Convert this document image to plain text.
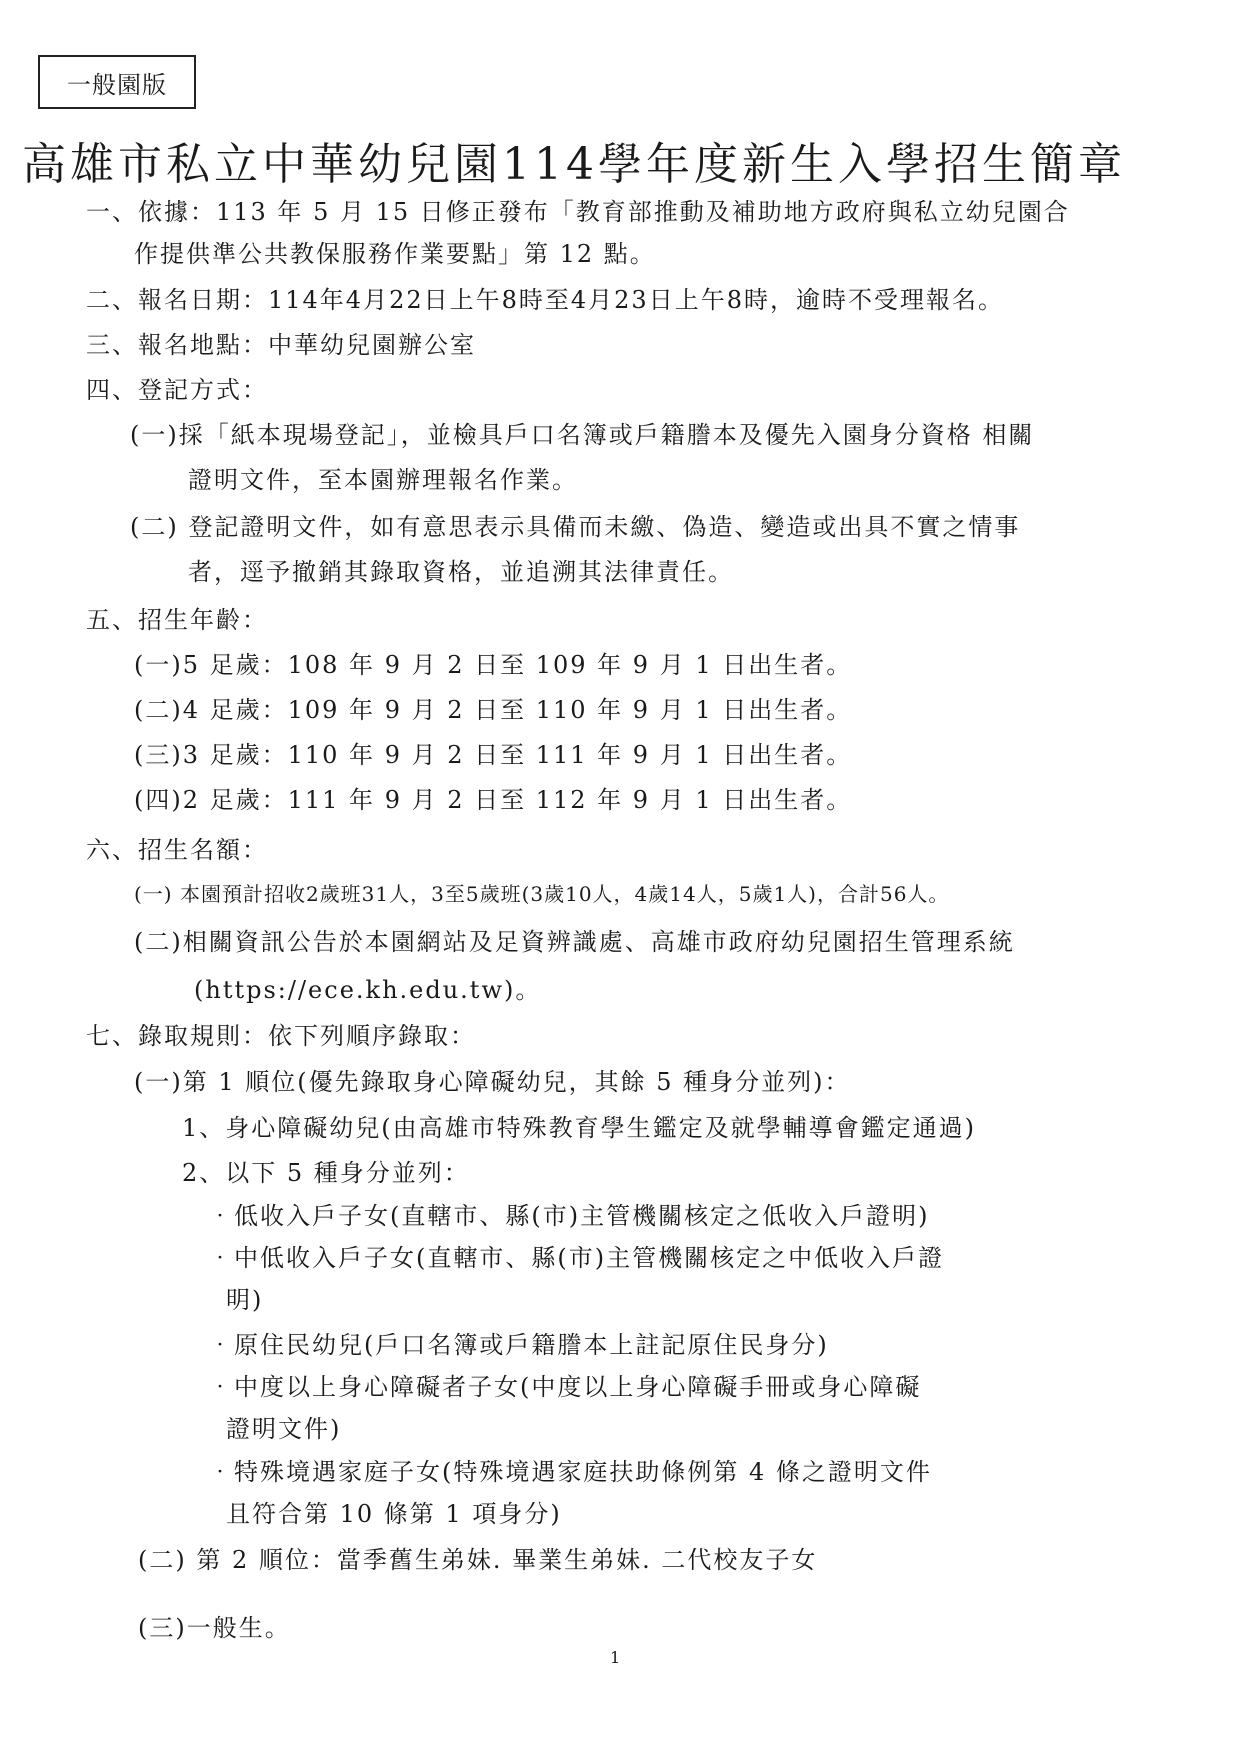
一般園版
高雄市私立中華幼兒園114學年度新生入學招生簡章
一、依據：113 年 5 月 15 日修正發布「教育部推動及補助地方政府與私立幼兒園合
作提供準公共教保服務作業要點」第 12 點。
二、報名日期：114年4月22日上午8時至4月23日上午8時，逾時不受理報名。
三、報名地點：中華幼兒園辦公室
四、登記方式：
(一)採「紙本現場登記」，並檢具戶口名簿或戶籍謄本及優先入園身分資格 相關
證明文件，至本園辦理報名作業。
(二) 登記證明文件，如有意思表示具備而未繳、偽造、變造或出具不實之情事
者，逕予撤銷其錄取資格，並追溯其法律責任。
五、招生年齡：
(一)5 足歲：108 年 9 月 2 日至 109 年 9 月 1 日出生者。
(二)4 足歲：109 年 9 月 2 日至 110 年 9 月 1 日出生者。
(三)3 足歲：110 年 9 月 2 日至 111 年 9 月 1 日出生者。
(四)2 足歲：111 年 9 月 2 日至 112 年 9 月 1 日出生者。
六、招生名額：
(一) 本園預計招收2歲班31人，3至5歲班(3歲10人，4歲14人，5歲1人)，合計56人。
(二)相關資訊公告於本園網站及足資辨識處、高雄市政府幼兒園招生管理系統
(https://ece.kh.edu.tw)。
七、錄取規則：依下列順序錄取：
(一)第 1 順位(優先錄取身心障礙幼兒，其餘 5 種身分並列)：
1、身心障礙幼兒(由高雄市特殊教育學生鑑定及就學輔導會鑑定通過)
2、以下 5 種身分並列：
‧低收入戶子女(直轄市、縣(市)主管機關核定之低收入戶證明)
‧中低收入戶子女(直轄市、縣(市)主管機關核定之中低收入戶證
明)
‧原住民幼兒(戶口名簿或戶籍謄本上註記原住民身分)
‧中度以上身心障礙者子女(中度以上身心障礙手冊或身心障礙
證明文件)
‧特殊境遇家庭子女(特殊境遇家庭扶助條例第 4 條之證明文件
且符合第 10 條第 1 項身分)
(二) 第 2 順位：當季舊生弟妹. 畢業生弟妹. 二代校友子女
(三)一般生。
1
